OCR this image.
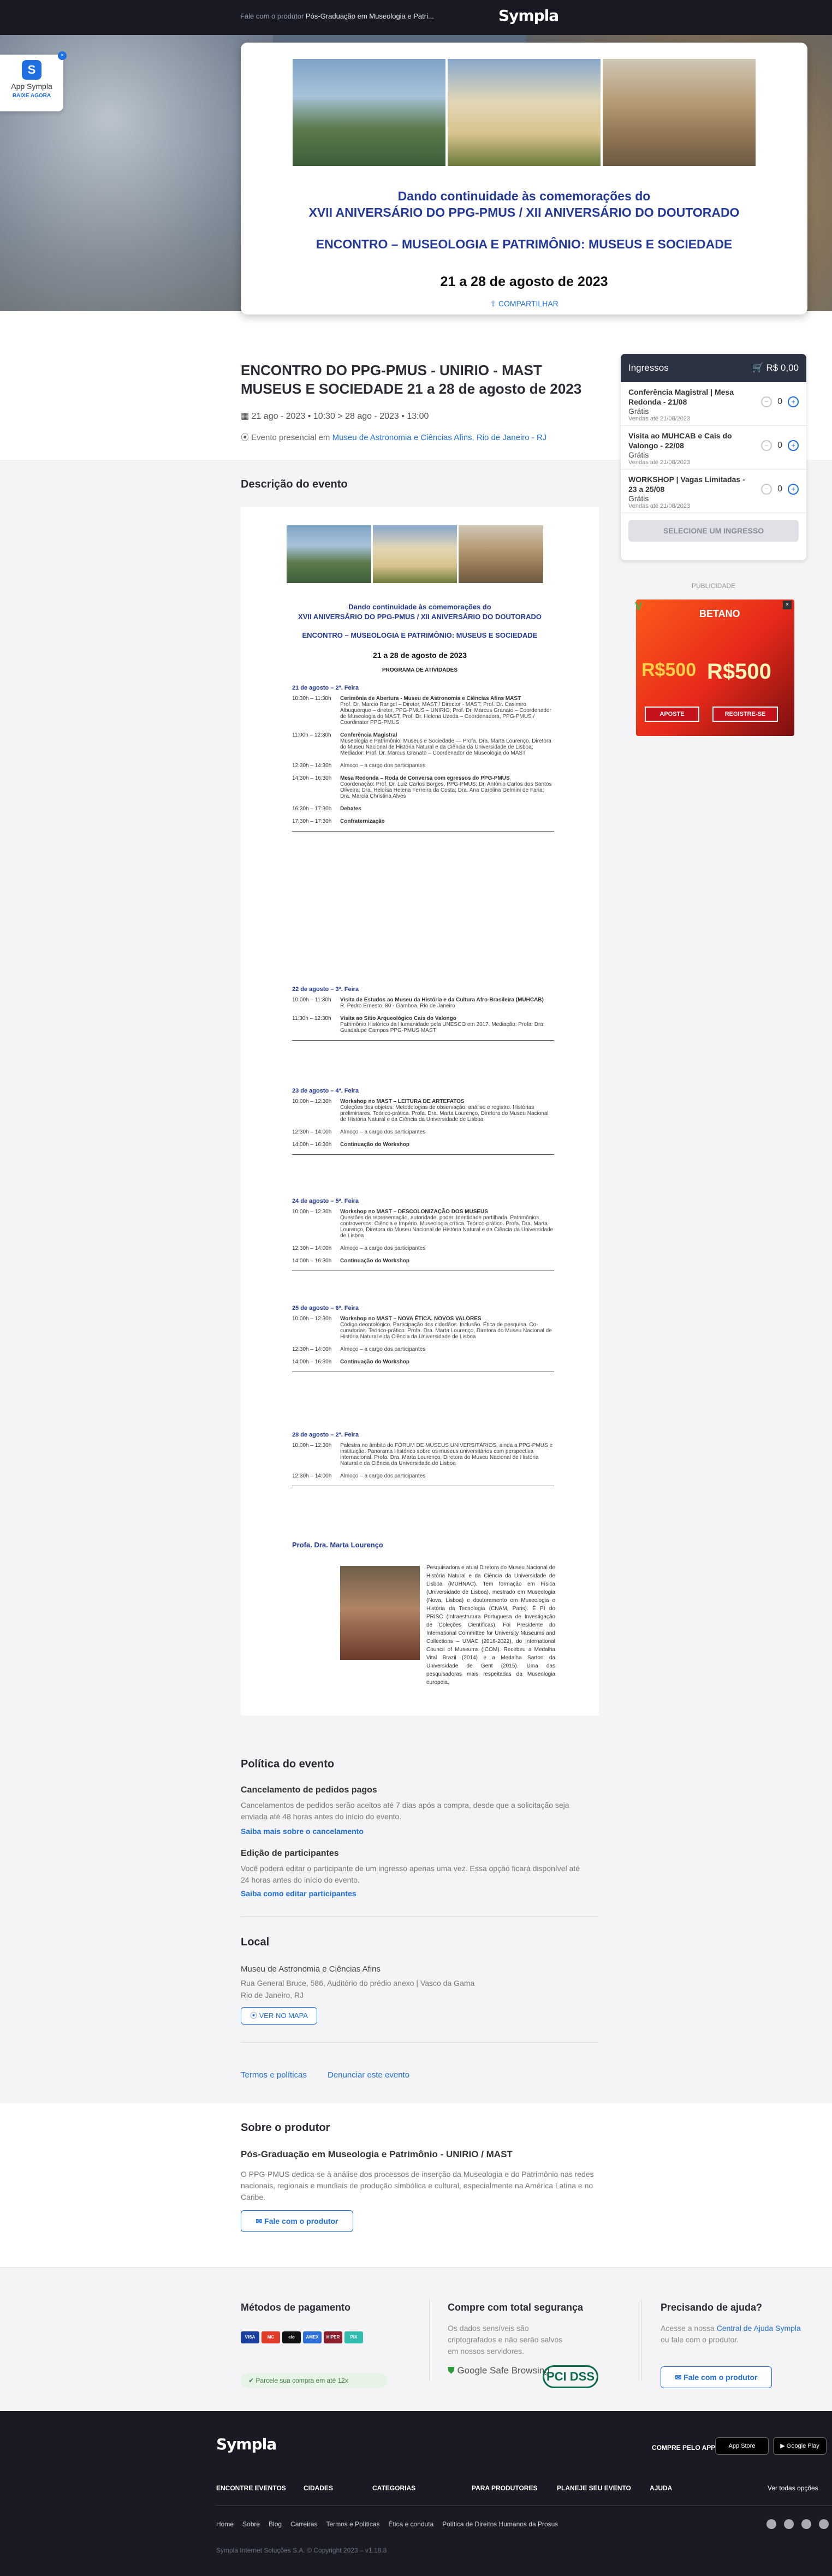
Fale com o produtor Pós-Graduação em Museologia e Patri...	Sympla
×
S
App Sympla
BAIXE AGORA
Dando continuidade às comemorações do
XVII ANIVERSÁRIO DO PPG-PMUS / XII ANIVERSÁRIO DO DOUTORADO
ENCONTRO – MUSEOLOGIA E PATRIMÔNIO: MUSEUS E SOCIEDADE
21 a 28 de agosto de 2023
⇪ COMPARTILHAR
ENCONTRO DO PPG-PMUS - UNIRIO - MAST MUSEUS E SOCIEDADE 21 a 28 de agosto de 2023
▦ 21 ago - 2023 • 10:30 > 28 ago - 2023 • 13:00
⦿ Evento presencial em Museu de Astronomia e Ciências Afins, Rio de Janeiro - RJ
Ingressos	🛒 R$ 0,00
Conferência Magistral | Mesa Redonda - 21/08
Grátis
Vendas até 21/08/2023
−	0	+
Visita ao MUHCAB e Cais do Valongo - 22/08
Grátis
Vendas até 21/08/2023
−	0	+
WORKSHOP | Vagas Limitadas - 23 a 25/08
Grátis
Vendas até 21/08/2023
−	0	+
SELECIONE UM INGRESSO
PUBLICIDADE
BETANO
R$500 R$500
APOSTE	REGISTRE-SE
V	×
Descrição do evento
Dando continuidade às comemorações do
XVII ANIVERSÁRIO DO PPG-PMUS / XII ANIVERSÁRIO DO DOUTORADO
ENCONTRO – MUSEOLOGIA E PATRIMÔNIO: MUSEUS E SOCIEDADE
21 a 28 de agosto de 2023
PROGRAMA DE ATIVIDADES
21 de agosto – 2ª. Feira
10:30h – 11:30h	Cerimônia de Abertura - Museu de Astronomia e Ciências Afins MAST
Prof. Dr. Marcio Rangel – Diretor, MAST / Director - MAST; Prof. Dr. Casimiro Albuquerque – diretor, PPG-PMUS – UNIRIO; Prof. Dr. Marcus Granato – Coordenador de Museologia do MAST; Prof. Dr. Helena Uzeda – Coordenadora, PPG-PMUS / Coordinator PPG-PMUS
11:00h – 12:30h	Conferência Magistral
Museologia e Patrimônio: Museus e Sociedade — Profa. Dra. Marta Lourenço, Diretora do Museu Nacional de História Natural e da Ciência da Universidade de Lisboa; Mediador: Prof. Dr. Marcus Granato – Coordenador de Museologia do MAST
12:30h – 14:30h	Almoço – a cargo dos participantes
14:30h – 16:30h	Mesa Redonda – Roda de Conversa com egressos do PPG-PMUS
Coordenação: Prof. Dr. Luiz Carlos Borges, PPG-PMUS; Dr. Antônio Carlos dos Santos Oliveira; Dra. Heloísa Helena Ferreira da Costa; Dra. Ana Carolina Gelmini de Faria; Dra. Marcia Christina Alves
16:30h – 17:30h	Debates
17:30h – 17:30h	Confraternização
22 de agosto – 3ª. Feira
10:00h – 11:30h	Visita de Estudos ao Museu da História e da Cultura Afro-Brasileira (MUHCAB)
R. Pedro Ernesto, 80 - Gamboa, Rio de Janeiro
11:30h – 12:30h	Visita ao Sítio Arqueológico Cais do Valongo
Patrimônio Histórico da Humanidade pela UNESCO em 2017. Mediação: Profa. Dra. Guadalupe Campos PPG-PMUS MAST
23 de agosto – 4ª. Feira
10:00h – 12:30h	Workshop no MAST – LEITURA DE ARTEFATOS
Coleções dos objetos: Metodologias de observação, análise e registro. Histórias preliminares. Teórico-prática. Profa. Dra. Marta Lourenço, Diretora do Museu Nacional de História Natural e da Ciência da Universidade de Lisboa
12:30h – 14:00h	Almoço – a cargo dos participantes
14:00h – 16:30h	Continuação do Workshop
24 de agosto – 5ª. Feira
10:00h – 12:30h	Workshop no MAST – DESCOLONIZAÇÃO DOS MUSEUS
Questões de representação, autoridade, poder. Identidade partilhada. Patrimônios controversos. Ciência e Império. Museologia crítica. Teórico-prático. Profa. Dra. Marta Lourenço, Diretora do Museu Nacional de História Natural e da Ciência da Universidade de Lisboa
12:30h – 14:00h	Almoço – a cargo dos participantes
14:00h – 16:30h	Continuação do Workshop
25 de agosto – 6ª. Feira
10:00h – 12:30h	Workshop no MAST – NOVA ÉTICA. NOVOS VALORES
Código deontológico. Participação dos cidadãos. Inclusão. Ética de pesquisa. Co-curadorias. Teórico-prático. Profa. Dra. Marta Lourenço, Diretora do Museu Nacional de História Natural e da Ciência da Universidade de Lisboa
12:30h – 14:00h	Almoço – a cargo dos participantes
14:00h – 16:30h	Continuação do Workshop
28 de agosto – 2ª. Feira
10:00h – 12:30h	Palestra no âmbito do FÓRUM DE MUSEUS UNIVERSITÁRIOS, ainda a PPG-PMUS e instituição. Panorama Histórico sobre os museus universitários com perspectiva internacional. Profa. Dra. Marta Lourenço, Diretora do Museu Nacional de História Natural e da Ciência da Universidade de Lisboa
12:30h – 14:00h	Almoço – a cargo dos participantes
Profa. Dra. Marta Lourenço
Pesquisadora e atual Diretora do Museu Nacional de História Natural e da Ciência da Universidade de Lisboa (MUHNAC). Tem formação em Física (Universidade de Lisboa), mestrado em Museologia (Nova, Lisboa) e doutoramento em Museologia e História da Tecnologia (CNAM, Paris). É PI do PRISC (Infraestrutura Portuguesa de Investigação de Coleções Científicas). Foi Presidente do International Committee for University Museums and Collections – UMAC (2016-2022), do International Council of Museums (ICOM). Recebeu a Medalha Vital Brazil (2014) e a Medalha Sarton da Universidade de Gent (2015). Uma das pesquisadoras mais respeitadas da Museologia europeia.
Política do evento
Cancelamento de pedidos pagos
Cancelamentos de pedidos serão aceitos até 7 dias após a compra, desde que a solicitação seja enviada até 48 horas antes do início do evento.
Saiba mais sobre o cancelamento
Edição de participantes
Você poderá editar o participante de um ingresso apenas uma vez. Essa opção ficará disponível até 24 horas antes do início do evento.
Saiba como editar participantes
Local
Museu de Astronomia e Ciências Afins
Rua General Bruce, 586, Auditório do prédio anexo | Vasco da Gama
Rio de Janeiro, RJ
⦿ VER NO MAPA
Termos e políticas	Denunciar este evento
Sobre o produtor
Pós-Graduação em Museologia e Patrimônio - UNIRIO / MAST
O PPG-PMUS dedica-se à análise dos processos de inserção da Museologia e do Patrimônio nas redes nacionais, regionais e mundiais de produção simbólica e cultural, especialmente na América Latina e no Caribe.
✉ Fale com o produtor
Métodos de pagamento
VISA	MC	elo	AMEX	HIPER	PIX
✔ Parcele sua compra em até 12x
Compre com total segurança
Os dados sensíveis são criptografados e não serão salvos em nossos servidores.
⛊ Google Safe Browsing
PCI DSS
Precisando de ajuda?
Acesse a nossa Central de Ajuda Sympla ou fale com o produtor.
✉ Fale com o produtor
Sympla	COMPRE PELO APP	App Store	▶ Google Play
ENCONTRE EVENTOS	CIDADES	CATEGORIAS	PARA PRODUTORES	PLANEJE SEU EVENTO	AJUDA	Ver todas opções
Home Sobre Blog Carreiras Termos e Políticas Ética e conduta Política de Direitos Humanos da Prosus
Sympla Internet Soluções S.A. © Copyright 2023 – v1.18.8
